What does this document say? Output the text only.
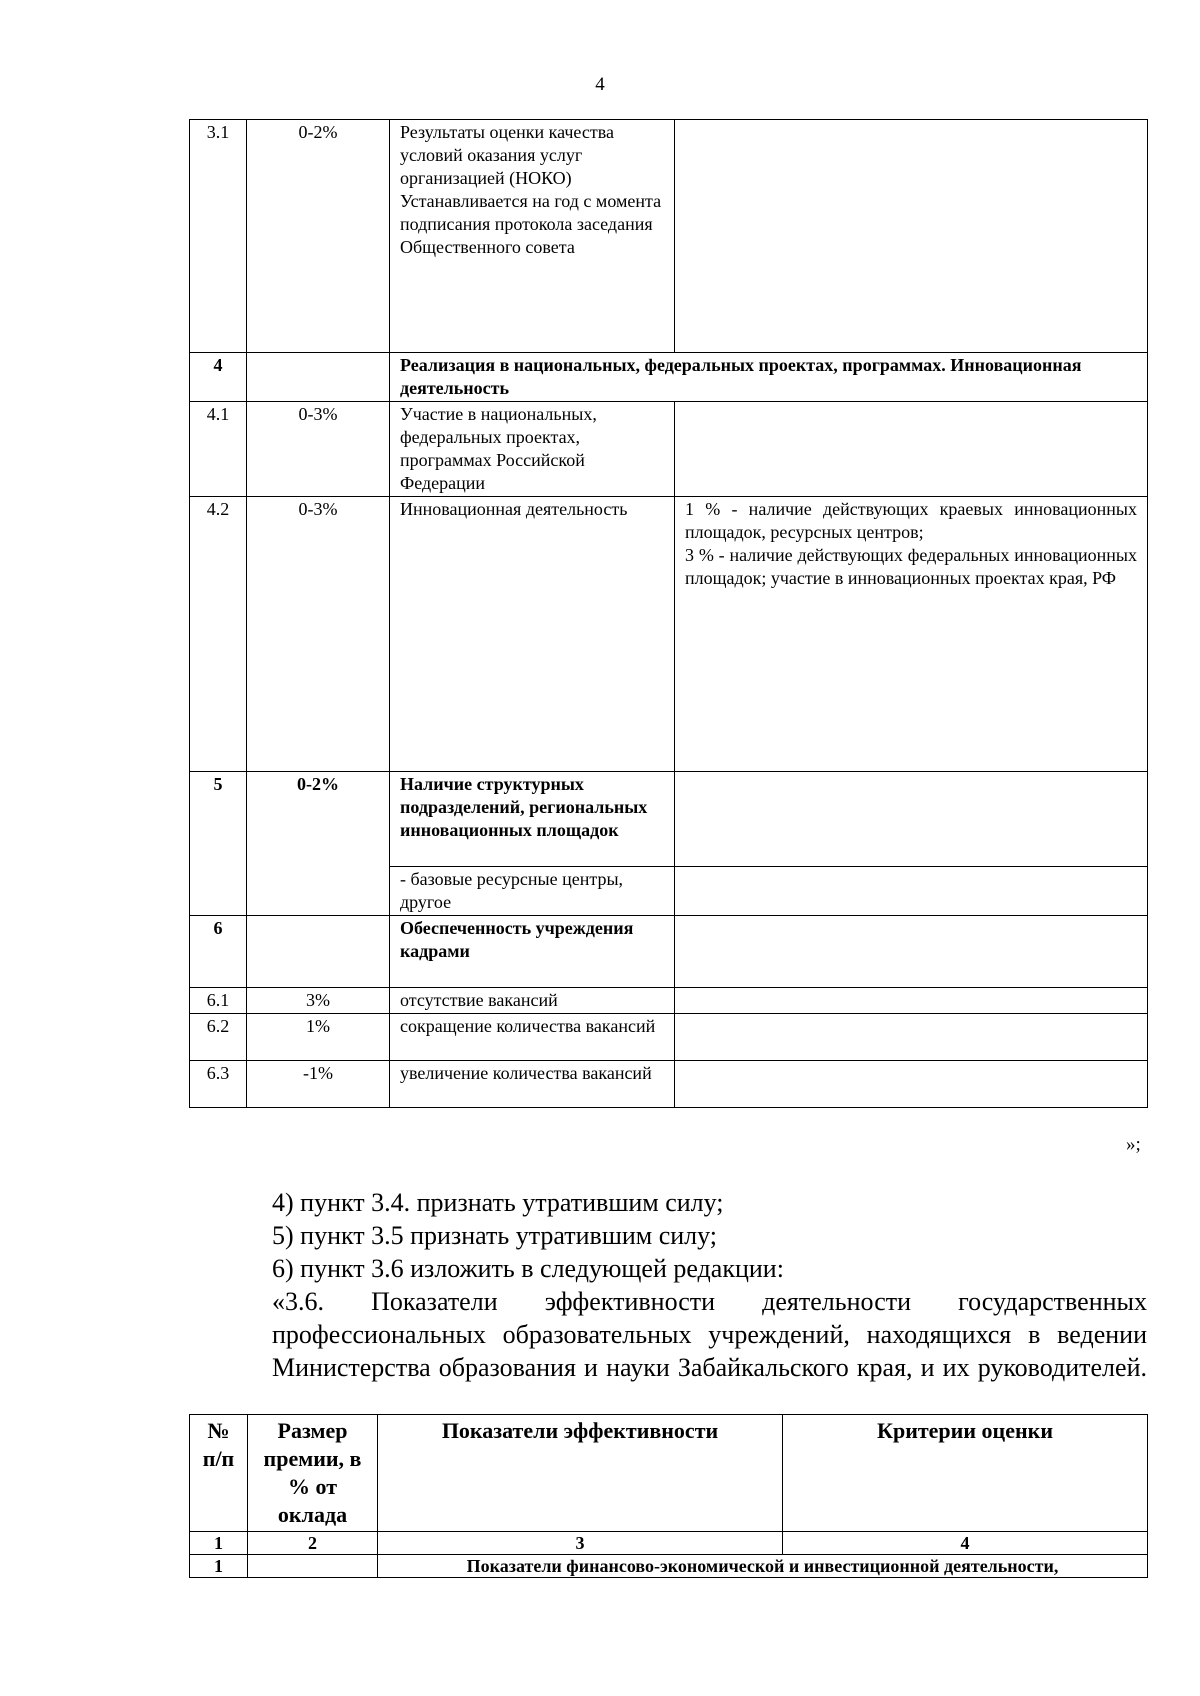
4
3.1	0-2%	Результаты оценки качества условий оказания услуг организацией (НОКО) Устанавливается на год с момента подписания протокола заседания Общественного совета	
4		Реализация в национальных, федеральных проектах, программах. Инновационная деятельность	
4.1	0-3%	Участие в национальных, федеральных проектах, программах Российской Федерации	
4.2	0-3%	Инновационная деятельность	1 % - наличие действующих краевых инновационных площадок, ресурсных центров;
3 % - наличие действующих федеральных инновационных площадок; участие в инновационных проектах края, РФ

5	0-2%	Наличие структурных подразделений, региональных инновационных площадок	
		- базовые ресурсные центры, другое	
6		Обеспеченность учреждения кадрами	
6.1	3%	отсутствие вакансий	
6.2	1%	сокращение количества вакансий	
6.3	-1%	увеличение количества вакансий	
»;
4) пункт 3.4. признать утратившим силу;
5) пункт 3.5 признать утратившим силу;
6) пункт 3.6 изложить в следующей редакции:
«3.6. Показатели эффективности деятельности государственных профессиональных образовательных учреждений, находящихся в ведении Министерства образования и науки Забайкальского края, и их руководителей.
№ п/п	Размер премии, в % от оклада	Показатели эффективности	Критерии оценки
1	2	3	4
1		Показатели финансово-экономической и инвестиционной деятельности,	
